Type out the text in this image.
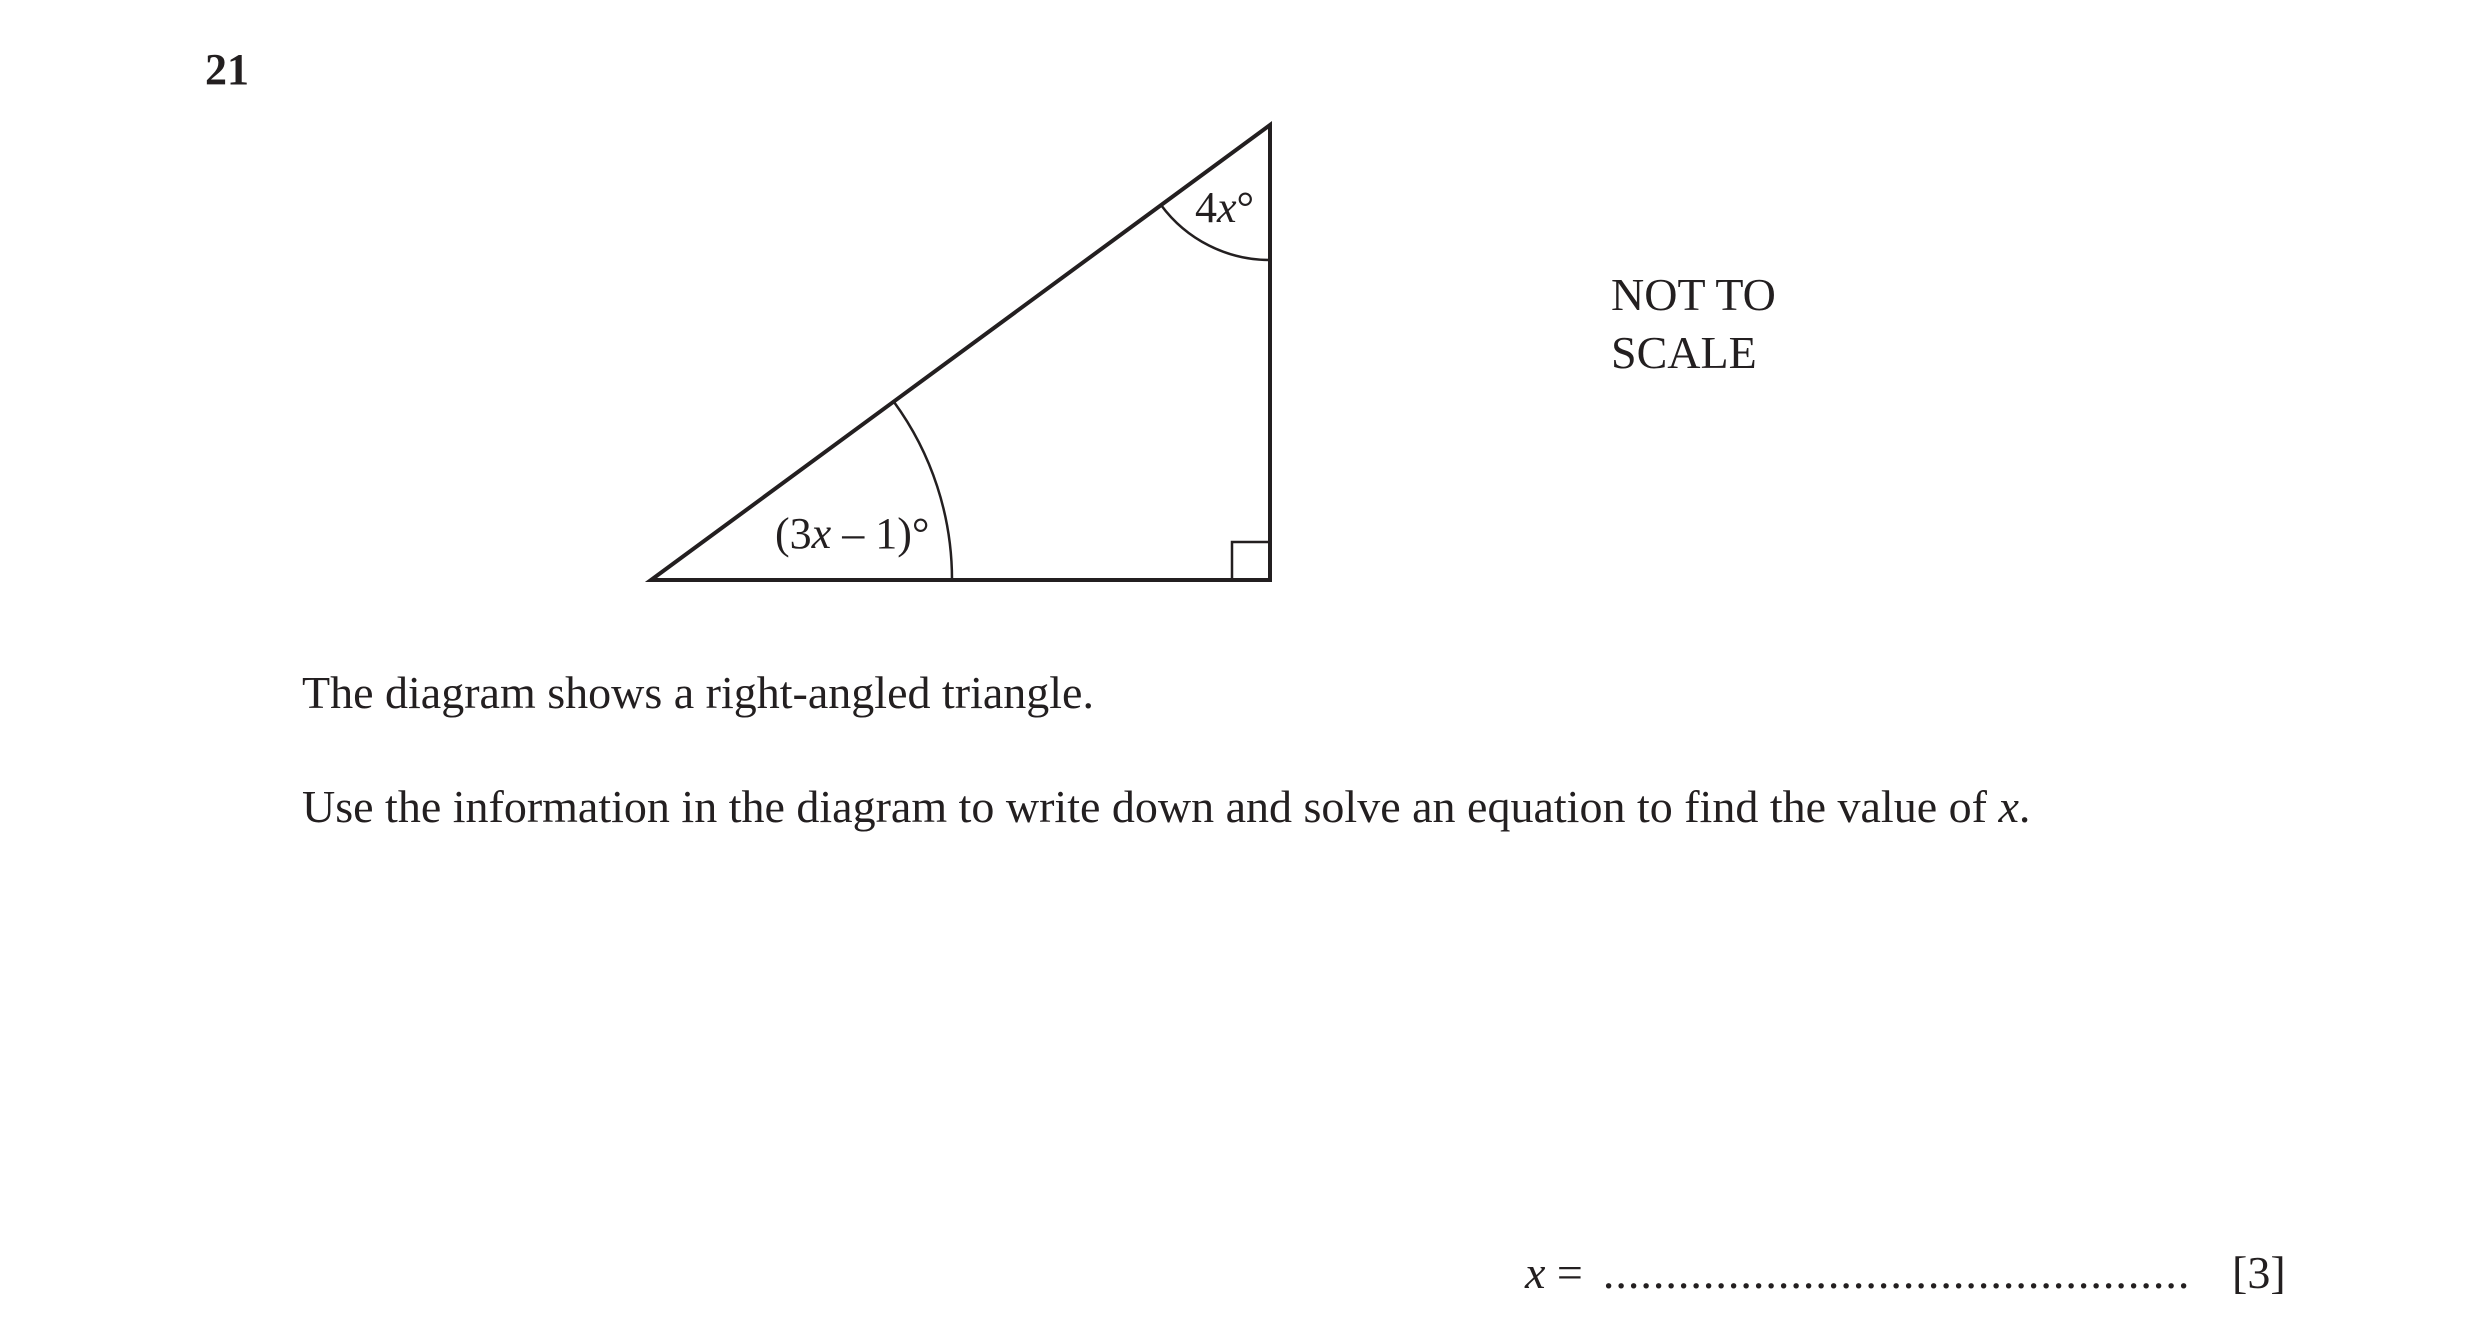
21
4x°
(3x – 1)°
NOT TO
SCALE
The diagram shows a right-angled triangle.
Use the information in the diagram to write down and solve an equation to find the value of x.
x = ............................................... [3]
